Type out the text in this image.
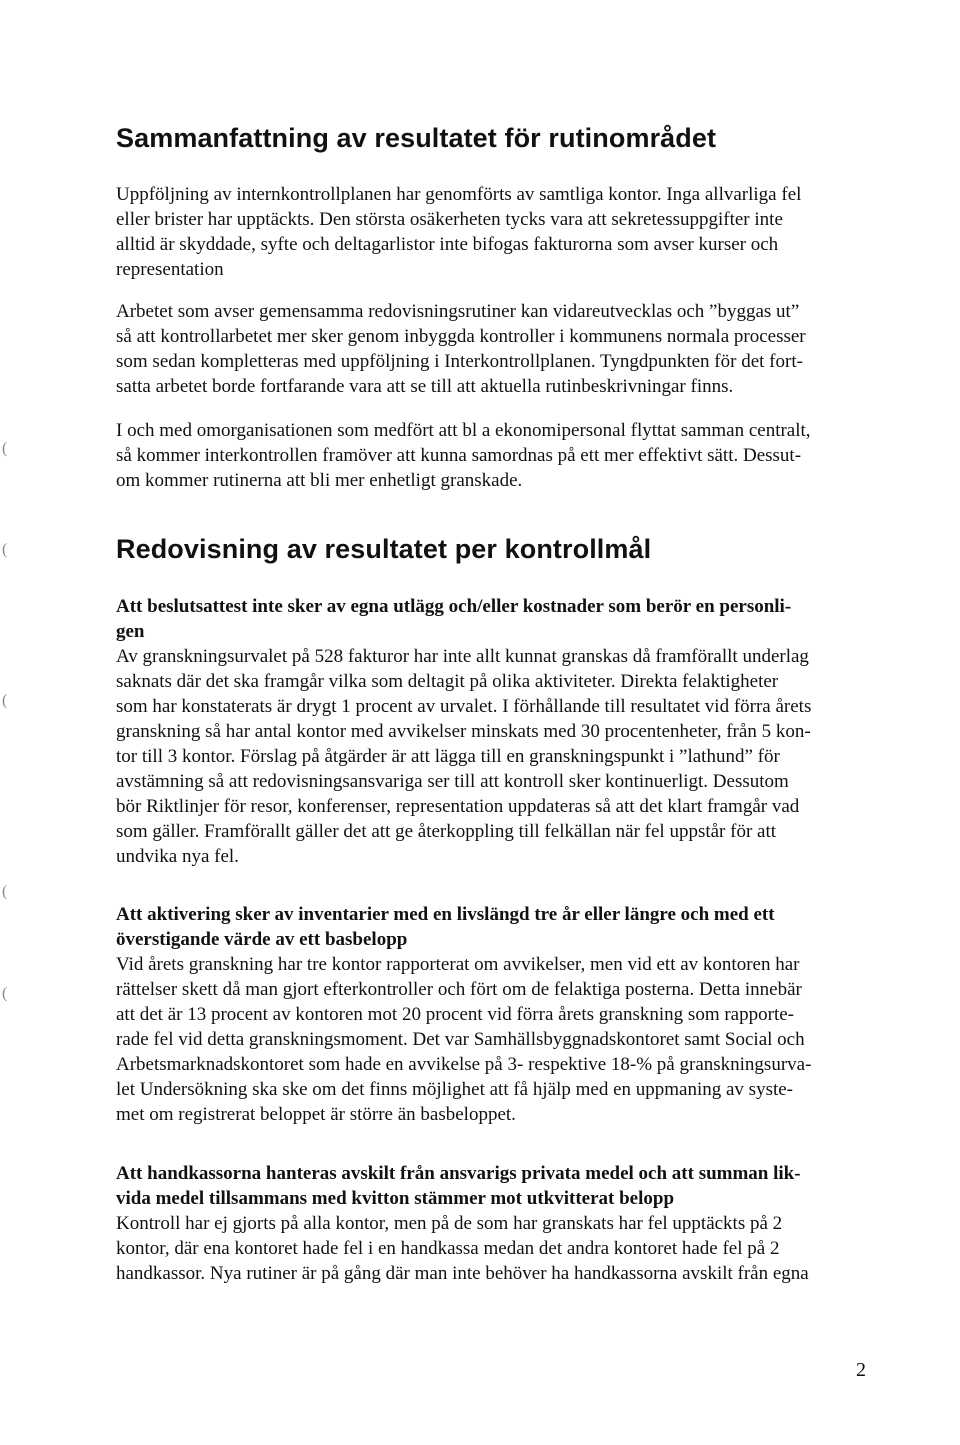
Sammanfattning av resultatet för rutinområdet

Uppföljning av internkontrollplanen har genomförts av samtliga kontor. Inga allvarliga fel
eller brister har upptäckts. Den största osäkerheten tycks vara att sekretessuppgifter inte
alltid är skyddade, syfte och deltagarlistor inte bifogas fakturorna som avser kurser och
representation

Arbetet som avser gemensamma redovisningsrutiner kan vidareutvecklas och ”byggas ut”
så att kontrollarbetet mer sker genom inbyggda kontroller i kommunens normala processer
som sedan kompletteras med uppföljning i Interkontrollplanen. Tyngdpunkten för det fort-
satta arbetet borde fortfarande vara att se till att aktuella rutinbeskrivningar finns.

I och med omorganisationen som medfört att bl a ekonomipersonal flyttat samman centralt,
så kommer interkontrollen framöver att kunna samordnas på ett mer effektivt sätt. Dessut-
om kommer rutinerna att bli mer enhetligt granskade.

Redovisning av resultatet per kontrollmål

Att beslutsattest inte sker av egna utlägg och/eller kostnader som berör en personli-
gen
Av granskningsurvalet på 528 fakturor har inte allt kunnat granskas då framförallt underlag
saknats där det ska framgår vilka som deltagit på olika aktiviteter. Direkta felaktigheter
som har konstaterats är drygt 1 procent av urvalet. I förhållande till resultatet vid förra årets
granskning så har antal kontor med avvikelser minskats med 30 procentenheter, från 5 kon-
tor till 3 kontor. Förslag på åtgärder är att lägga till en granskningspunkt i ”lathund” för
avstämning så att redovisningsansvariga ser till att kontroll sker kontinuerligt. Dessutom
bör Riktlinjer för resor, konferenser, representation uppdateras så att det klart framgår vad
som gäller. Framförallt gäller det att ge återkoppling till felkällan när fel uppstår för att
undvika nya fel.

Att aktivering sker av inventarier med en livslängd tre år eller längre och med ett
överstigande värde av ett basbelopp
Vid årets granskning har tre kontor rapporterat om avvikelser, men vid ett av kontoren har
rättelser skett då man gjort efterkontroller och fört om de felaktiga posterna. Detta innebär
att det är 13 procent av kontoren mot 20 procent vid förra årets granskning som rapporte-
rade fel vid detta granskningsmoment. Det var Samhällsbyggnadskontoret samt Social och
Arbetsmarknadskontoret som hade en avvikelse på 3- respektive 18-% på granskningsurva-
let Undersökning ska ske om det finns möjlighet att få hjälp med en uppmaning av syste-
met om registrerat beloppet är större än basbeloppet.

Att handkassorna hanteras avskilt från ansvarigs privata medel och att summan lik-
vida medel tillsammans med kvitton stämmer mot utkvitterat belopp
Kontroll har ej gjorts på alla kontor, men på de som har granskats har fel upptäckts på 2
kontor, där ena kontoret hade fel i en handkassa medan det andra kontoret hade fel på 2
handkassor. Nya rutiner är på gång där man inte behöver ha handkassorna avskilt från egna

(
(
(
(
(
2
